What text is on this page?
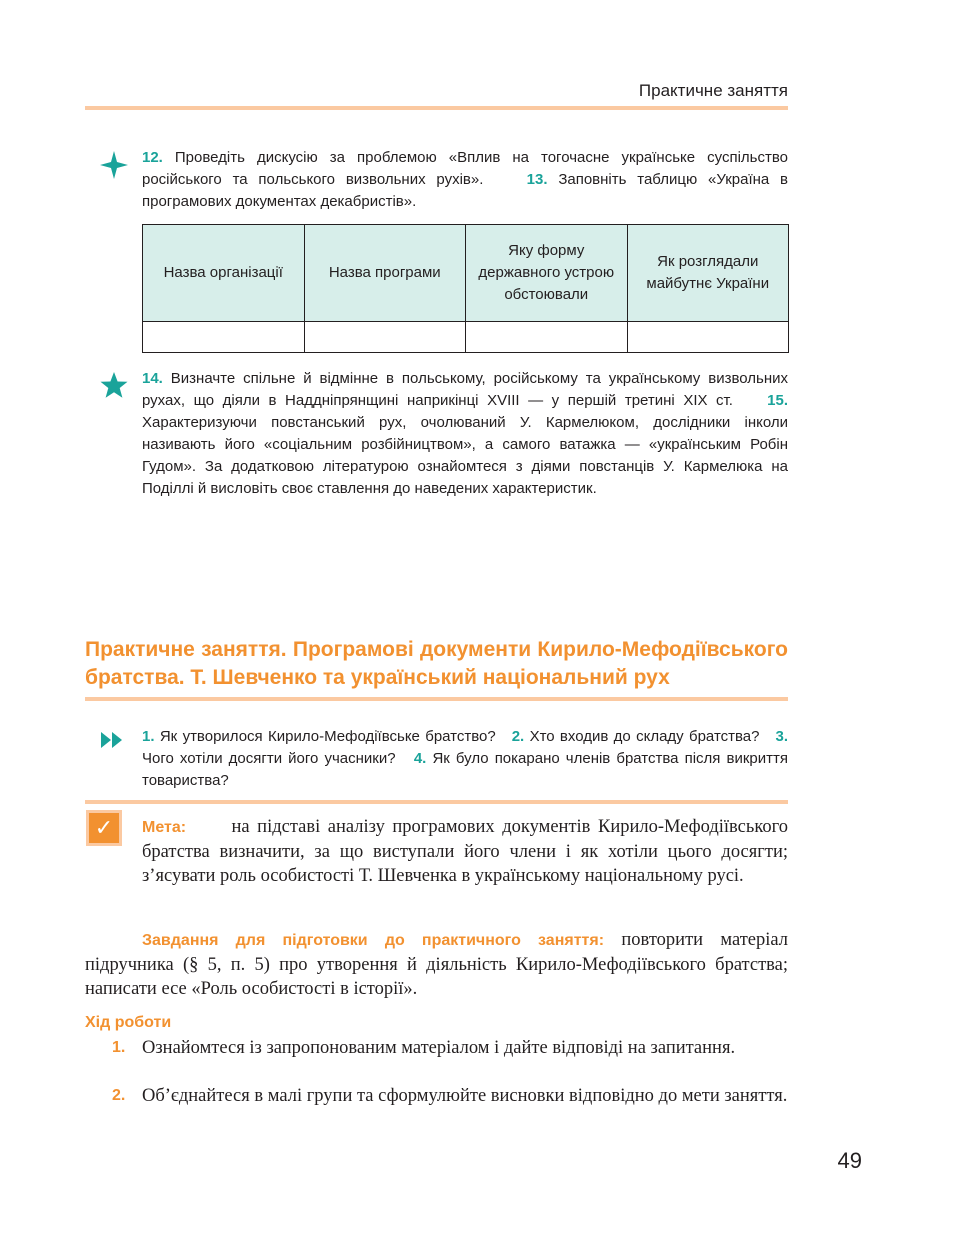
Практичне заняття

12. Проведіть дискусію за проблемою «Вплив на тогочасне українське суспільство російського та польського визвольних рухів».	13. Заповніть таблицю «Україна в програмових документах декабристів».

Назва організації	Назва програми	Яку форму державного устрою обстоювали	Як розглядали майбутнє України

14. Визначте спільне й відмінне в польському, російському та українському визвольних рухах, що діяли в Наддніпрянщині наприкінці XVIII — у першій третині XIX ст. 15. Характеризуючи повстанський рух, очолюваний У. Кармелюком, дослідники інколи називають його «соціальним розбійництвом», а самого ватажка — «українським Робін Гудом». За додатковою літературою ознайомтеся з діями повстанців У. Кармелюка на Поділлі й висловіть своє ставлення до наведених характеристик.

Практичне заняття. Програмові документи Кирило-Мефодіївського братства. Т. Шевченко та український національний рух

1. Як утворилося Кирило-Мефодіївське братство? 2. Хто входив до складу братства? 3. Чого хотіли досягти його учасники? 4. Як було покарано членів братства після викриття товариства?

✓	Мета: на підставі аналізу програмових документів Кирило-Мефодіївського братства визначити, за що виступали його члени і як хотіли цього досягти; з’ясувати роль особистості Т. Шевченка в українському національному русі.

Завдання для підготовки до практичного заняття: повторити матеріал підручника (§ 5, п. 5) про утворення й діяльність Кирило-Мефодіївського братства; написати есе «Роль особистості в історії».

Хід роботи
1. Ознайомтеся із запропонованим матеріалом і дайте відповіді на запитання.
2. Об’єднайтеся в малі групи та сформулюйте висновки відповідно до мети заняття.
49
